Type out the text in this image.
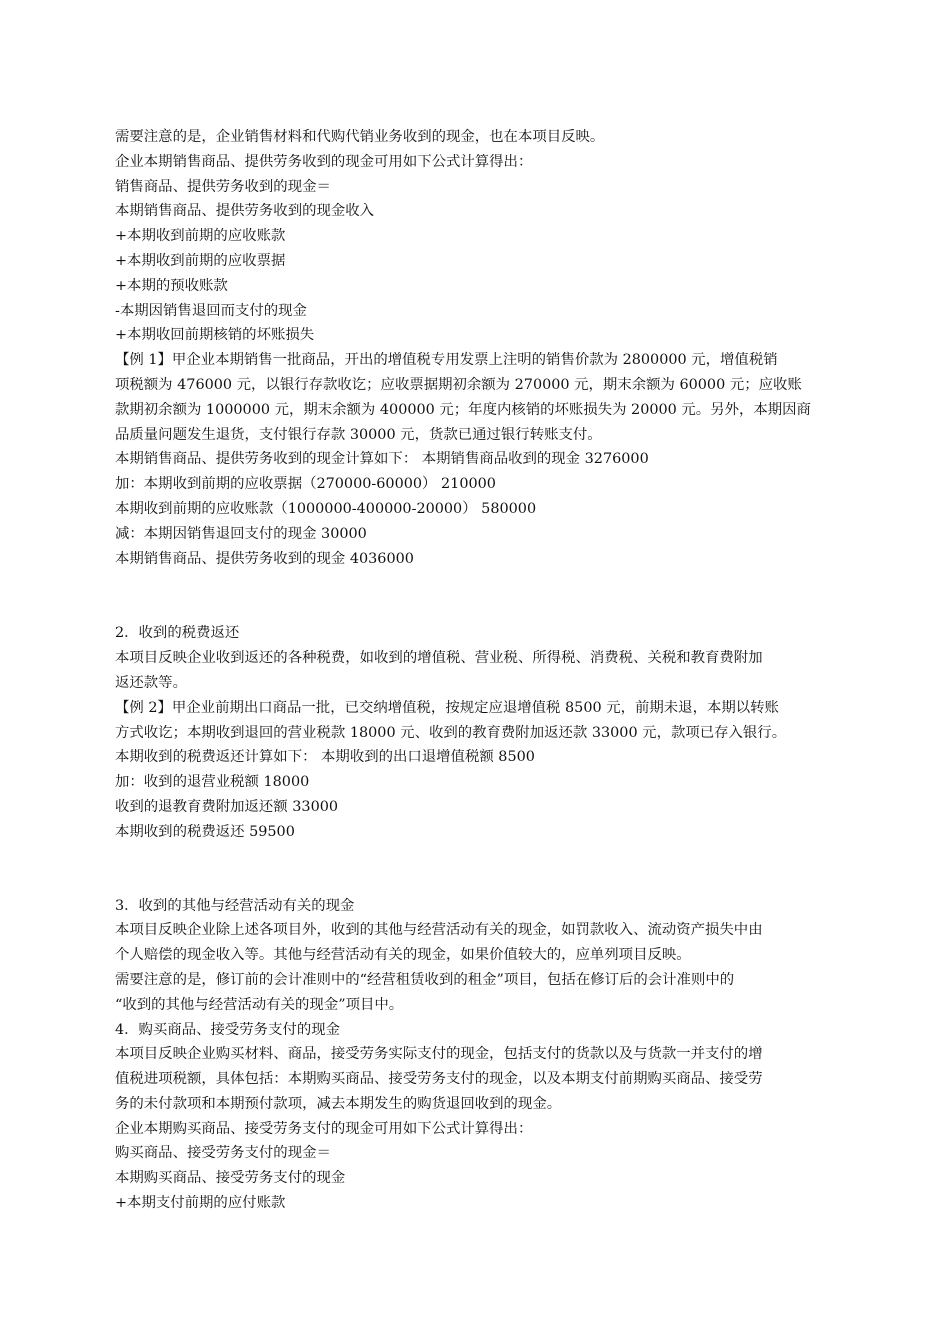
需要注意的是，企业销售材料和代购代销业务收到的现金，也在本项目反映。
企业本期销售商品、提供劳务收到的现金可用如下公式计算得出：
销售商品、提供劳务收到的现金＝
本期销售商品、提供劳务收到的现金收入
+本期收到前期的应收账款
+本期收到前期的应收票据
+本期的预收账款
-本期因销售退回而支付的现金
+本期收回前期核销的坏账损失
【例 1】甲企业本期销售一批商品，开出的增值税专用发票上注明的销售价款为 2800000 元，增值税销
项税额为 476000 元，以银行存款收讫；应收票据期初余额为 270000 元，期末余额为 60000 元；应收账
款期初余额为 1000000 元，期末余额为 400000 元；年度内核销的坏账损失为 20000 元。另外，本期因商
品质量问题发生退货，支付银行存款 30000 元，货款已通过银行转账支付。
本期销售商品、提供劳务收到的现金计算如下： 本期销售商品收到的现金 3276000
加：本期收到前期的应收票据（270000-60000） 210000
本期收到前期的应收账款（1000000-400000-20000） 580000
减：本期因销售退回支付的现金 30000
本期销售商品、提供劳务收到的现金 4036000
2．收到的税费返还
本项目反映企业收到返还的各种税费，如收到的增值税、营业税、所得税、消费税、关税和教育费附加
返还款等。
【例 2】甲企业前期出口商品一批，已交纳增值税，按规定应退增值税 8500 元，前期未退，本期以转账
方式收讫；本期收到退回的营业税款 18000 元、收到的教育费附加返还款 33000 元，款项已存入银行。
本期收到的税费返还计算如下： 本期收到的出口退增值税额 8500
加：收到的退营业税额 18000
收到的退教育费附加返还额 33000
本期收到的税费返还 59500
3．收到的其他与经营活动有关的现金
本项目反映企业除上述各项目外，收到的其他与经营活动有关的现金，如罚款收入、流动资产损失中由
个人赔偿的现金收入等。其他与经营活动有关的现金，如果价值较大的，应单列项目反映。
需要注意的是，修订前的会计准则中的“经营租赁收到的租金”项目，包括在修订后的会计准则中的
“收到的其他与经营活动有关的现金”项目中。
4．购买商品、接受劳务支付的现金
本项目反映企业购买材料、商品，接受劳务实际支付的现金，包括支付的货款以及与货款一并支付的增
值税进项税额，具体包括：本期购买商品、接受劳务支付的现金，以及本期支付前期购买商品、接受劳
务的未付款项和本期预付款项，减去本期发生的购货退回收到的现金。
企业本期购买商品、接受劳务支付的现金可用如下公式计算得出：
购买商品、接受劳务支付的现金＝
本期购买商品、接受劳务支付的现金
+本期支付前期的应付账款
